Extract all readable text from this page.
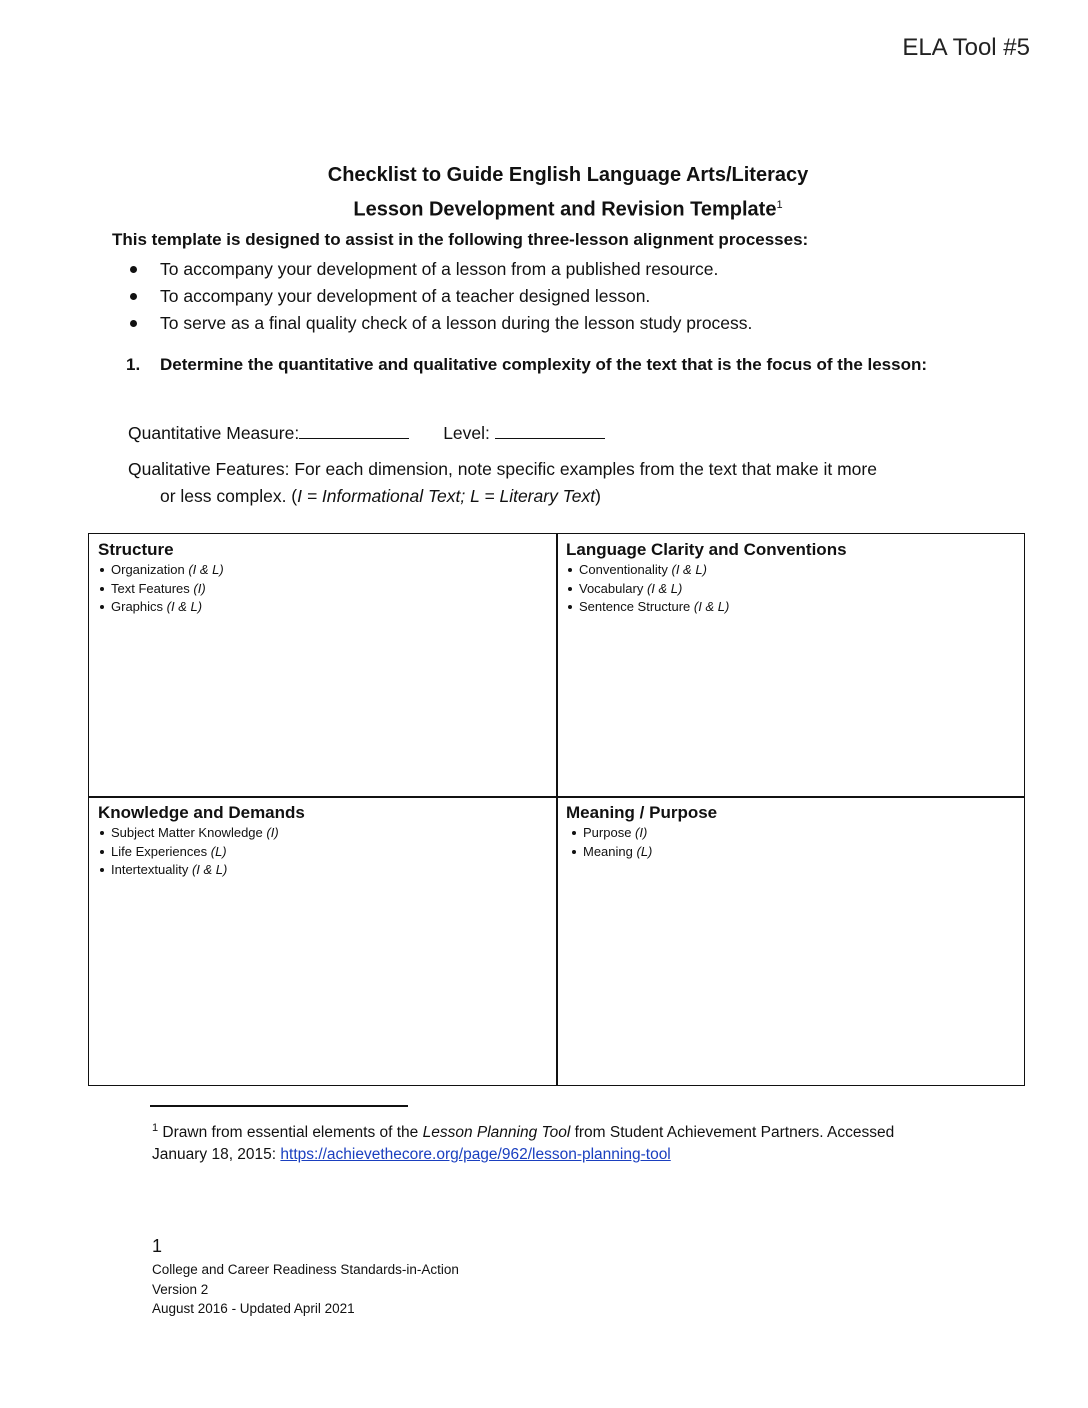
ELA Tool #5
Checklist to Guide English Language Arts/Literacy
Lesson Development and Revision Template$^1$
This template is designed to assist in the following three-lesson alignment processes:
To accompany your development of a lesson from a published resource.
To accompany your development of a teacher designed lesson.
To serve as a final quality check of a lesson during the lesson study process.
1.	Determine the quantitative and qualitative complexity of the text that is the focus of the lesson:
Quantitative Measure:	Level:
Qualitative Features: For each dimension, note specific examples from the text that make it more
or less complex. (I = Informational Text; L = Literary Text)
Structure
Organization (I & L)
Text Features (I)
Graphics (I & L)
Language Clarity and Conventions
Conventionality (I & L)
Vocabulary (I & L)
Sentence Structure (I & L)
Knowledge and Demands
Subject Matter Knowledge (I)
Life Experiences (L)
Intertextuality (I & L)
Meaning / Purpose
Purpose (I)
Meaning (L)
$^1$ Drawn from essential elements of the Lesson Planning Tool from Student Achievement Partners. Accessed
January 18, 2015: https://achievethecore.org/page/962/lesson-planning-tool
1
College and Career Readiness Standards-in-Action
Version 2
August 2016 - Updated April 2021
